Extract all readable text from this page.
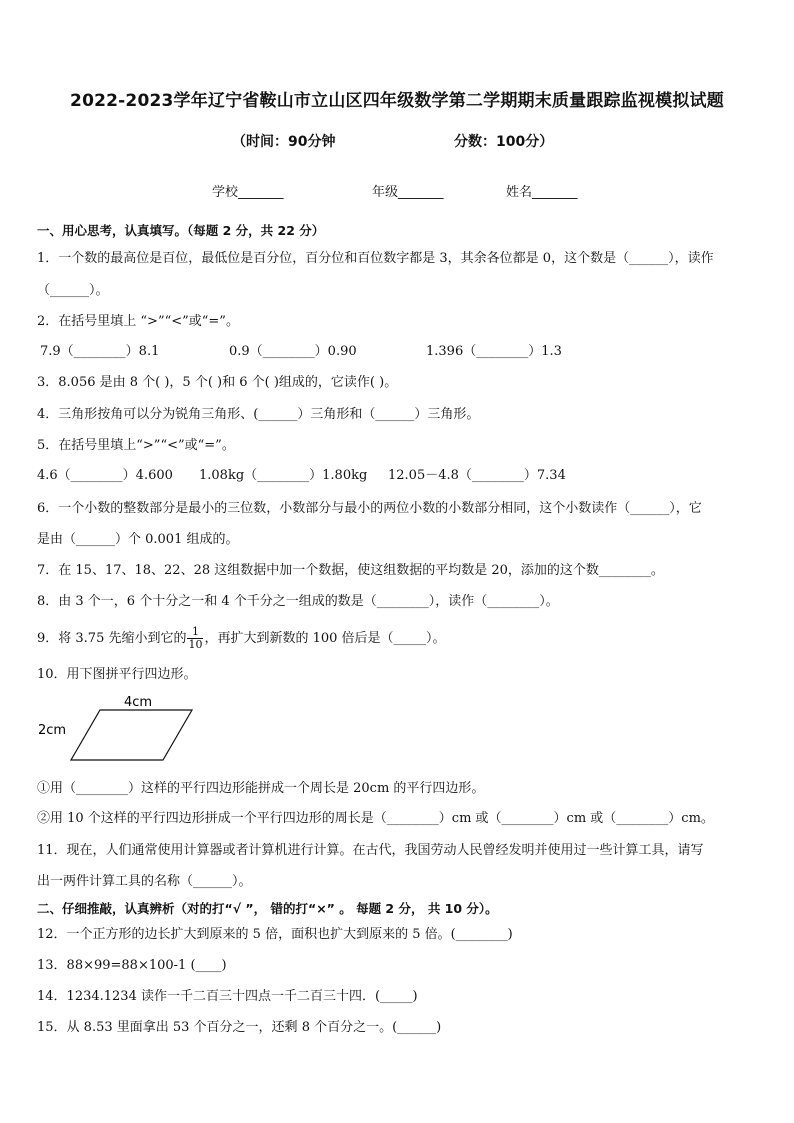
2022-2023学年辽宁省鞍山市立山区四年级数学第二学期期末质量跟踪监视模拟试题
（时间：90分钟	分数：100分）
学校_______	年级_______	姓名_______
一、用心思考，认真填写。（每题 2 分，共 22 分）
1．一个数的最高位是百位，最低位是百分位，百分位和百位数字都是 3，其余各位都是 0，这个数是（______），读作
（______）。
2．在括号里填上 “>”“<”或“=”。
7.9（________）8.1	0.9（________）0.90	1.396（________）1.3
3．8.056 是由 8 个( )，5 个( )和 6 个( )组成的，它读作( )。
4．三角形按角可以分为锐角三角形、(______）三角形和（______）三角形。
5．在括号里填上“>”“<”或“=”。
4.6（________）4.600 1.08kg（________）1.80kg 12.05－4.8（________）7.34
6．一个小数的整数部分是最小的三位数，小数部分与最小的两位小数的小数部分相同，这个小数读作（______），它
是由（______）个 0.001 组成的。
7．在 15、17、18、22、28 这组数据中加一个数据，使这组数据的平均数是 20，添加的这个数________。
8．由 3 个一，6 个十分之一和 4 个千分之一组成的数是（________），读作（________）。
9．将 3.75 先缩小到它的 $\frac{1}{10}$ ，再扩大到新数的 100 倍后是（_____）。
10．用下图拼平行四边形。
4cm
2cm
①用（________）这样的平行四边形能拼成一个周长是 20cm 的平行四边形。
②用 10 个这样的平行四边形拼成一个平行四边形的周长是（________）cm 或（________）cm 或（________）cm。
11．现在，人们通常使用计算器或者计算机进行计算。在古代，我国劳动人民曾经发明并使用过一些计算工具，请写
出一两件计算工具的名称（______）。
二、仔细推敲，认真辨析（对的打“√ ”， 错的打“×” 。 每题 2 分， 共 10 分）。
12．一个正方形的边长扩大到原来的 5 倍，面积也扩大到原来的 5 倍。(________)
13．88×99=88×100-1 (____)
14．1234.1234 读作一千二百三十四点一千二百三十四．(_____)
15．从 8.53 里面拿出 53 个百分之一，还剩 8 个百分之一。(______)
